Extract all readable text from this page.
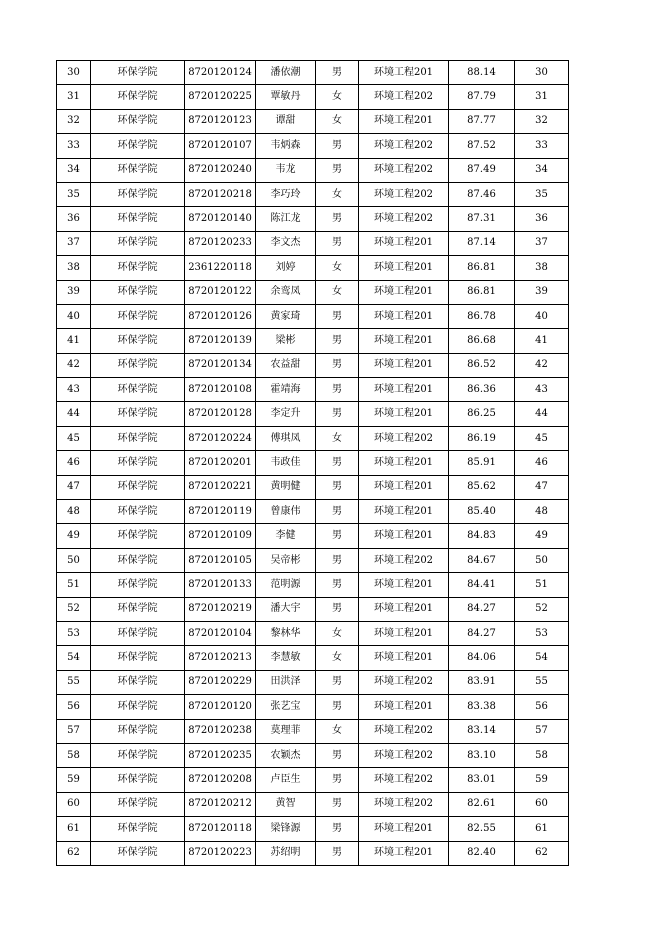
30	环保学院	8720120124	潘依潮	男	环境工程201	88.14	30
31	环保学院	8720120225	覃敏丹	女	环境工程202	87.79	31
32	环保学院	8720120123	谭甜	女	环境工程201	87.77	32
33	环保学院	8720120107	韦炳森	男	环境工程202	87.52	33
34	环保学院	8720120240	韦龙	男	环境工程202	87.49	34
35	环保学院	8720120218	李巧玲	女	环境工程202	87.46	35
36	环保学院	8720120140	陈江龙	男	环境工程202	87.31	36
37	环保学院	8720120233	李文杰	男	环境工程201	87.14	37
38	环保学院	2361220118	刘婷	女	环境工程201	86.81	38
39	环保学院	8720120122	余鸾凤	女	环境工程201	86.81	39
40	环保学院	8720120126	黄家琦	男	环境工程201	86.78	40
41	环保学院	8720120139	梁彬	男	环境工程201	86.68	41
42	环保学院	8720120134	农益甜	男	环境工程201	86.52	42
43	环保学院	8720120108	霍靖海	男	环境工程201	86.36	43
44	环保学院	8720120128	李定升	男	环境工程201	86.25	44
45	环保学院	8720120224	傅琪凤	女	环境工程202	86.19	45
46	环保学院	8720120201	韦政佳	男	环境工程201	85.91	46
47	环保学院	8720120221	黄明健	男	环境工程201	85.62	47
48	环保学院	8720120119	曾康伟	男	环境工程201	85.40	48
49	环保学院	8720120109	李健	男	环境工程201	84.83	49
50	环保学院	8720120105	吴帝彬	男	环境工程202	84.67	50
51	环保学院	8720120133	范明源	男	环境工程201	84.41	51
52	环保学院	8720120219	潘大宇	男	环境工程201	84.27	52
53	环保学院	8720120104	黎林华	女	环境工程201	84.27	53
54	环保学院	8720120213	李慧敏	女	环境工程201	84.06	54
55	环保学院	8720120229	田洪泽	男	环境工程202	83.91	55
56	环保学院	8720120120	张艺宝	男	环境工程201	83.38	56
57	环保学院	8720120238	莫理菲	女	环境工程202	83.14	57
58	环保学院	8720120235	农颖杰	男	环境工程202	83.10	58
59	环保学院	8720120208	卢臣生	男	环境工程202	83.01	59
60	环保学院	8720120212	黄智	男	环境工程202	82.61	60
61	环保学院	8720120118	梁锋源	男	环境工程201	82.55	61
62	环保学院	8720120223	苏绍明	男	环境工程201	82.40	62
